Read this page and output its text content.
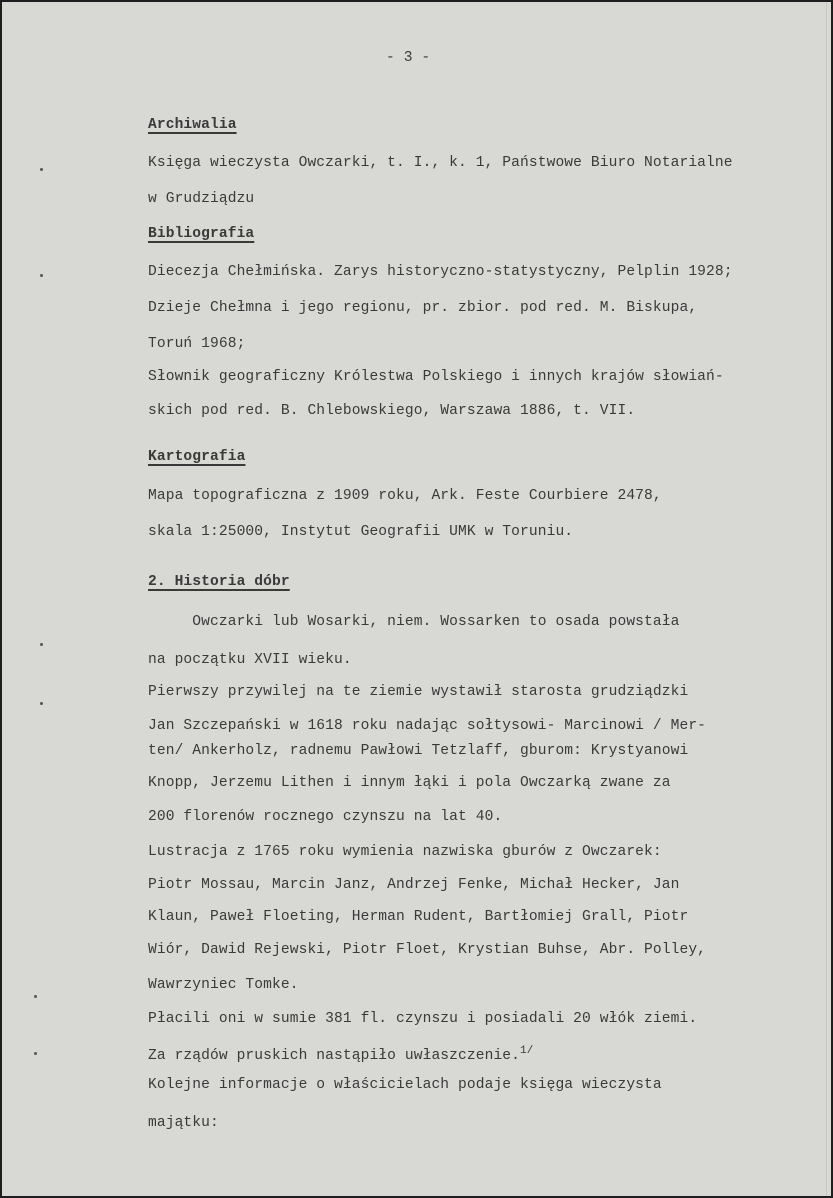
- 3 -
Archiwalia
Księga wieczysta Owczarki, t. I., k. 1, Państwowe Biuro Notarialne
w Grudziądzu
Bibliografia
Diecezja Chełmińska. Zarys historyczno-statystyczny, Pelplin 1928;
Dzieje Chełmna i jego regionu, pr. zbior. pod red. M. Biskupa,
Toruń 1968;
Słownik geograficzny Królestwa Polskiego i innych krajów słowiań-
skich pod red. B. Chlebowskiego, Warszawa 1886, t. VII.
Kartografia
Mapa topograficzna z 1909 roku, Ark. Feste Courbiere 2478,
skala 1:25000, Instytut Geografii UMK w Toruniu.
2. Historia dóbr
Owczarki lub Wosarki, niem. Wossarken to osada powstała
na początku XVII wieku.
Pierwszy przywilej na te ziemie wystawił starosta grudziądzki
Jan Szczepański w 1618 roku nadając sołtysowi- Marcinowi / Mer-
ten/ Ankerholz, radnemu Pawłowi Tetzlaff, gburom: Krystyanowi
Knopp, Jerzemu Lithen i innym łąki i pola Owczarką zwane za
200 florenów rocznego czynszu na lat 40.
Lustracja z 1765 roku wymienia nazwiska gburów z Owczarek:
Piotr Mossau, Marcin Janz, Andrzej Fenke, Michał Hecker, Jan
Klaun, Paweł Floeting, Herman Rudent, Bartłomiej Grall, Piotr
Wiór, Dawid Rejewski, Piotr Floet, Krystian Buhse, Abr. Polley,
Wawrzyniec Tomke.
Płacili oni w sumie 381 fl. czynszu i posiadali 20 włók ziemi.
Za rządów pruskich nastąpiło uwłaszczenie.$^{1/}$
Kolejne informacje o właścicielach podaje księga wieczysta
majątku:
